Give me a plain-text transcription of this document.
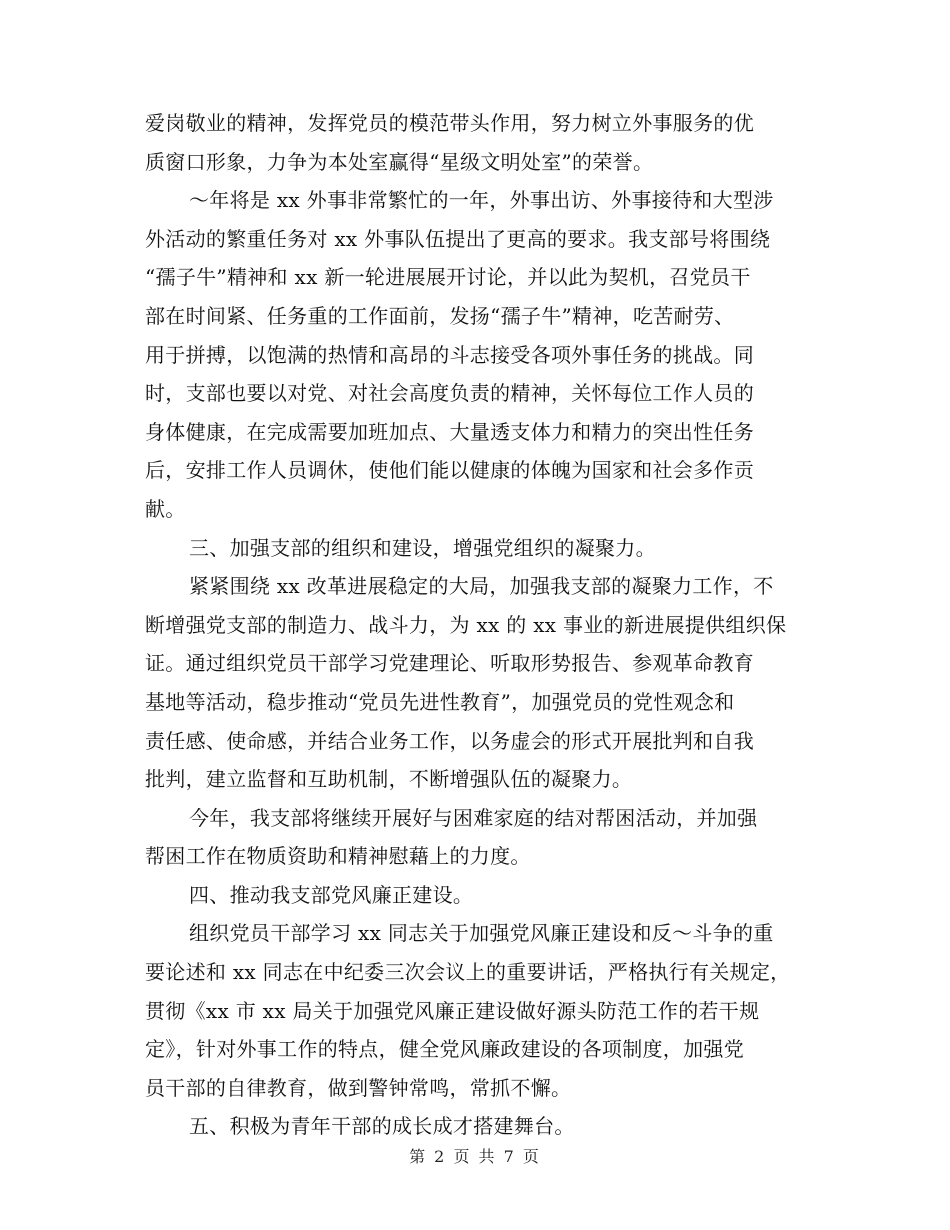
爱岗敬业的精神，发挥党员的模范带头作用，努力树立外事服务的优
质窗口形象，力争为本处室赢得“星级文明处室”的荣誉。
～年将是 xx 外事非常繁忙的一年，外事出访、外事接待和大型涉
外活动的繁重任务对 xx 外事队伍提出了更高的要求。我支部号将围绕
“孺子牛”精神和 xx 新一轮进展展开讨论，并以此为契机，召党员干
部在时间紧、任务重的工作面前，发扬“孺子牛”精神，吃苦耐劳、
用于拼搏，以饱满的热情和高昂的斗志接受各项外事任务的挑战。同
时，支部也要以对党、对社会高度负责的精神，关怀每位工作人员的
身体健康，在完成需要加班加点、大量透支体力和精力的突出性任务
后，安排工作人员调休，使他们能以健康的体魄为国家和社会多作贡
献。
三、加强支部的组织和建设，增强党组织的凝聚力。
紧紧围绕 xx 改革进展稳定的大局，加强我支部的凝聚力工作，不
断增强党支部的制造力、战斗力，为 xx 的 xx 事业的新进展提供组织保
证。通过组织党员干部学习党建理论、听取形势报告、参观革命教育
基地等活动，稳步推动“党员先进性教育”，加强党员的党性观念和
责任感、使命感，并结合业务工作，以务虚会的形式开展批判和自我
批判，建立监督和互助机制，不断增强队伍的凝聚力。
今年，我支部将继续开展好与困难家庭的结对帮困活动，并加强
帮困工作在物质资助和精神慰藉上的力度。
四、推动我支部党风廉正建设。
组织党员干部学习 xx 同志关于加强党风廉正建设和反～斗争的重
要论述和 xx 同志在中纪委三次会议上的重要讲话，严格执行有关规定，
贯彻《xx 市 xx 局关于加强党风廉正建设做好源头防范工作的若干规
定》，针对外事工作的特点，健全党风廉政建设的各项制度，加强党
员干部的自律教育，做到警钟常鸣，常抓不懈。
五、积极为青年干部的成长成才搭建舞台。
第 2 页 共 7 页
